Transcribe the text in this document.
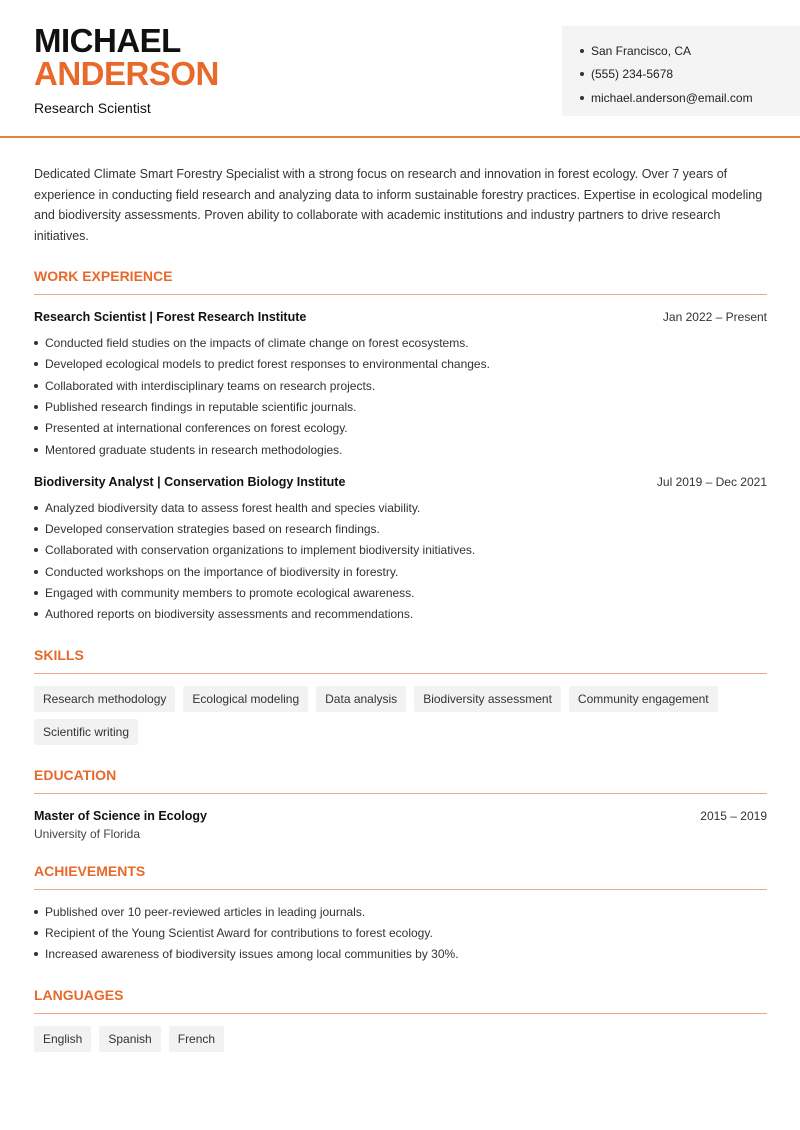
MICHAEL
ANDERSON
Research Scientist
San Francisco, CA
(555) 234-5678
michael.anderson@email.com

Dedicated Climate Smart Forestry Specialist with a strong focus on research and innovation in forest ecology. Over 7 years of experience in conducting field research and analyzing data to inform sustainable forestry practices. Expertise in ecological modeling and biodiversity assessments. Proven ability to collaborate with academic institutions and industry partners to drive research initiatives.

WORK EXPERIENCE
Research Scientist | Forest Research Institute	Jan 2022 – Present
Conducted field studies on the impacts of climate change on forest ecosystems.
Developed ecological models to predict forest responses to environmental changes.
Collaborated with interdisciplinary teams on research projects.
Published research findings in reputable scientific journals.
Presented at international conferences on forest ecology.
Mentored graduate students in research methodologies.
Biodiversity Analyst | Conservation Biology Institute	Jul 2019 – Dec 2021
Analyzed biodiversity data to assess forest health and species viability.
Developed conservation strategies based on research findings.
Collaborated with conservation organizations to implement biodiversity initiatives.
Conducted workshops on the importance of biodiversity in forestry.
Engaged with community members to promote ecological awareness.
Authored reports on biodiversity assessments and recommendations.
SKILLS
Research methodology	Ecological modeling	Data analysis	Biodiversity assessment	Community engagement
Scientific writing
EDUCATION
Master of Science in Ecology	2015 – 2019
University of Florida
ACHIEVEMENTS
Published over 10 peer-reviewed articles in leading journals.
Recipient of the Young Scientist Award for contributions to forest ecology.
Increased awareness of biodiversity issues among local communities by 30%.
LANGUAGES
English	Spanish	French
